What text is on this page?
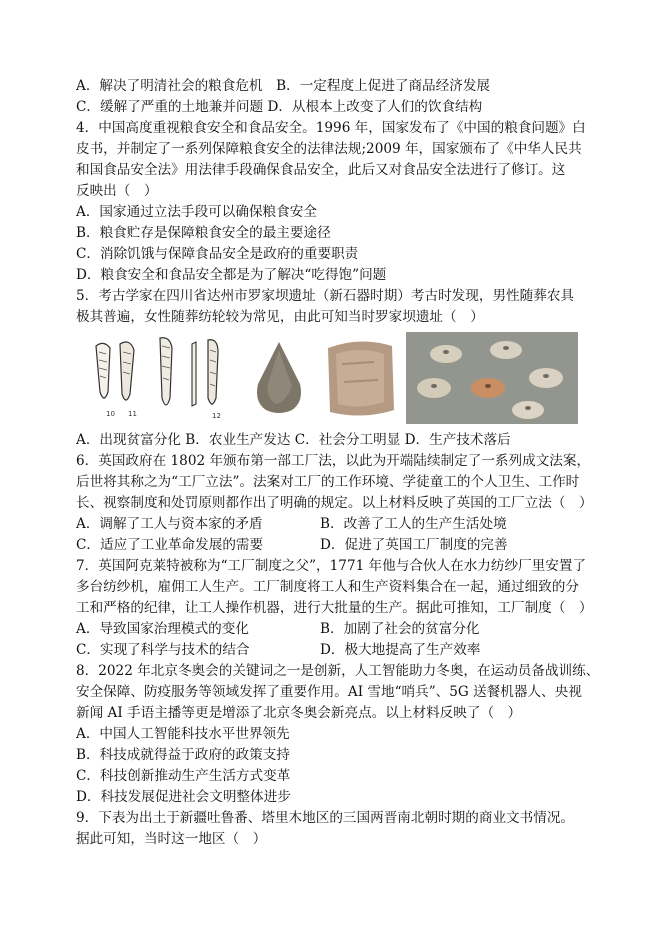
A．解决了明清社会的粮食危机　B．一定程度上促进了商品经济发展
C．缓解了严重的土地兼并问题 D．从根本上改变了人们的饮食结构
4．中国高度重视粮食安全和食品安全。1996 年，国家发布了《中国的粮食问题》白
皮书，并制定了一系列保障粮食安全的法律法规;2009 年，国家颁布了《中华人民共
和国食品安全法》用法律手段确保食品安全，此后又对食品安全法进行了修订。这
反映出（　）
A．国家通过立法手段可以确保粮食安全
B．粮食贮存是保障粮食安全的最主要途径
C．消除饥饿与保障食品安全是政府的重要职责
D．粮食安全和食品安全都是为了解决“吃得饱”问题
5．考古学家在四川省达州市罗家坝遗址（新石器时期）考古时发现，男性随葬农具
极其普遍，女性随葬纺轮较为常见，由此可知当时罗家坝遗址（　）
10 11	12
A．出现贫富分化 B．农业生产发达 C．社会分工明显 D．生产技术落后
6．英国政府在 1802 年颁布第一部工厂法，以此为开端陆续制定了一系列成文法案，
后世将其称之为“工厂立法”。法案对工厂的工作环境、学徒童工的个人卫生、工作时
长、视察制度和处罚原则都作出了明确的规定。以上材料反映了英国的工厂立法（　）
A．调解了工人与资本家的矛盾	B．改善了工人的生产生活处境
C．适应了工业革命发展的需要	D．促进了英国工厂制度的完善
7．英国阿克莱特被称为“工厂制度之父”，1771 年他与合伙人在水力纺纱厂里安置了
多台纺纱机，雇佣工人生产。工厂制度将工人和生产资料集合在一起，通过细致的分
工和严格的纪律，让工人操作机器，进行大批量的生产。据此可推知，工厂制度（　）
A．导致国家治理模式的变化	B．加剧了社会的贫富分化
C．实现了科学与技术的结合	D．极大地提高了生产效率
8．2022 年北京冬奥会的关键词之一是创新，人工智能助力冬奥，在运动员备战训练、
安全保障、防疫服务等领域发挥了重要作用。AI 雪地“哨兵”、5G 送餐机器人、央视
新闻 AI 手语主播等更是增添了北京冬奥会新亮点。以上材料反映了（　）
A．中国人工智能科技水平世界领先
B．科技成就得益于政府的政策支持
C．科技创新推动生产生活方式变革
D．科技发展促进社会文明整体进步
9．下表为出土于新疆吐鲁番、塔里木地区的三国两晋南北朝时期的商业文书情况。
据此可知，当时这一地区（　）
